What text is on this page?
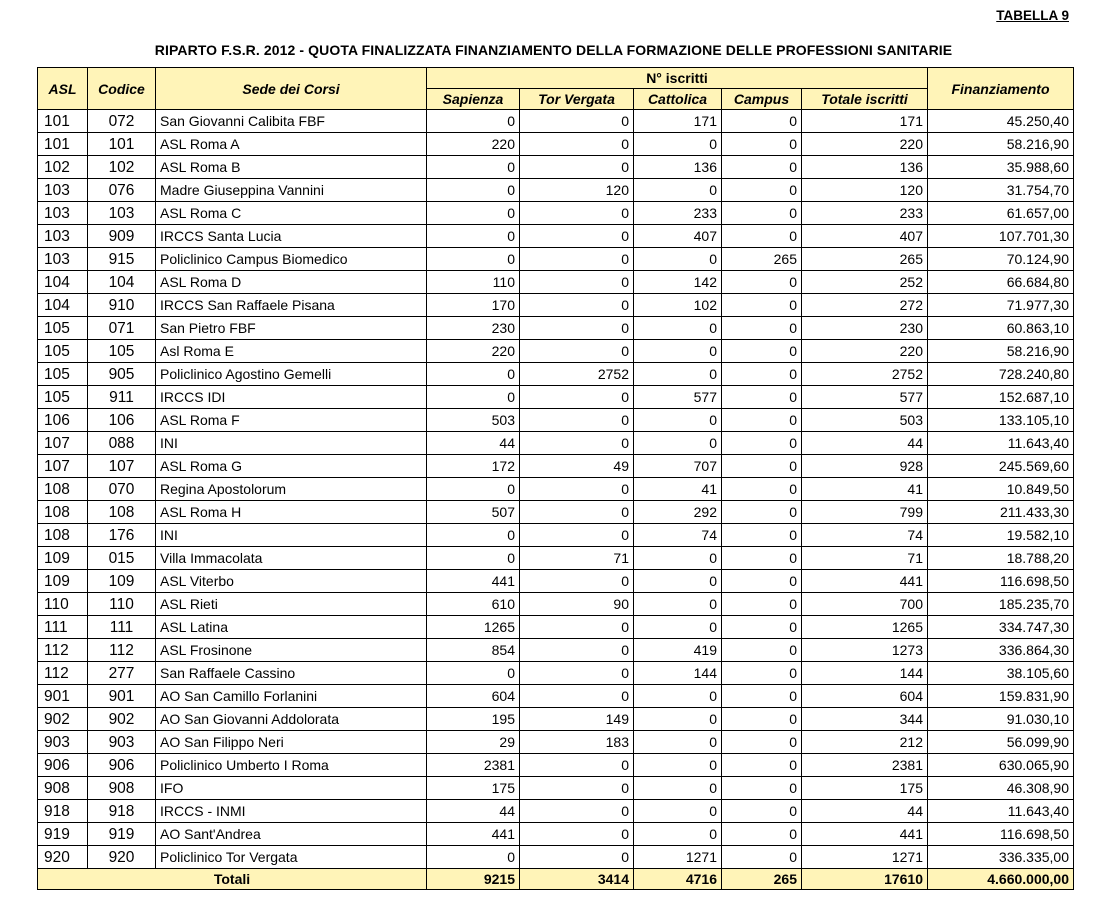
TABELLA 9
RIPARTO F.S.R. 2012 - QUOTA FINALIZZATA FINANZIAMENTO DELLA FORMAZIONE DELLE PROFESSIONI SANITARIE
ASL	Codice	Sede dei Corsi	N° iscritti					Finanziamento
			Sapienza	Tor Vergata	Cattolica	Campus	Totale iscritti	
101	072	San Giovanni Calibita FBF	0	0	171	0	171	45.250,40
101	101	ASL Roma A	220	0	0	0	220	58.216,90
102	102	ASL Roma B	0	0	136	0	136	35.988,60
103	076	Madre Giuseppina Vannini	0	120	0	0	120	31.754,70
103	103	ASL Roma C	0	0	233	0	233	61.657,00
103	909	IRCCS Santa Lucia	0	0	407	0	407	107.701,30
103	915	Policlinico Campus Biomedico	0	0	0	265	265	70.124,90
104	104	ASL Roma D	110	0	142	0	252	66.684,80
104	910	IRCCS San Raffaele Pisana	170	0	102	0	272	71.977,30
105	071	San Pietro FBF	230	0	0	0	230	60.863,10
105	105	Asl Roma E	220	0	0	0	220	58.216,90
105	905	Policlinico Agostino Gemelli	0	2752	0	0	2752	728.240,80
105	911	IRCCS IDI	0	0	577	0	577	152.687,10
106	106	ASL Roma F	503	0	0	0	503	133.105,10
107	088	INI	44	0	0	0	44	11.643,40
107	107	ASL Roma G	172	49	707	0	928	245.569,60
108	070	Regina Apostolorum	0	0	41	0	41	10.849,50
108	108	ASL Roma H	507	0	292	0	799	211.433,30
108	176	INI	0	0	74	0	74	19.582,10
109	015	Villa Immacolata	0	71	0	0	71	18.788,20
109	109	ASL Viterbo	441	0	0	0	441	116.698,50
110	110	ASL Rieti	610	90	0	0	700	185.235,70
111	111	ASL Latina	1265	0	0	0	1265	334.747,30
112	112	ASL Frosinone	854	0	419	0	1273	336.864,30
112	277	San Raffaele Cassino	0	0	144	0	144	38.105,60
901	901	AO San Camillo Forlanini	604	0	0	0	604	159.831,90
902	902	AO San Giovanni Addolorata	195	149	0	0	344	91.030,10
903	903	AO San Filippo Neri	29	183	0	0	212	56.099,90
906	906	Policlinico Umberto I Roma	2381	0	0	0	2381	630.065,90
908	908	IFO	175	0	0	0	175	46.308,90
918	918	IRCCS - INMI	44	0	0	0	44	11.643,40
919	919	AO Sant'Andrea	441	0	0	0	441	116.698,50
920	920	Policlinico Tor Vergata	0	0	1271	0	1271	336.335,00
Totali			9215	3414	4716	265	17610	4.660.000,00
